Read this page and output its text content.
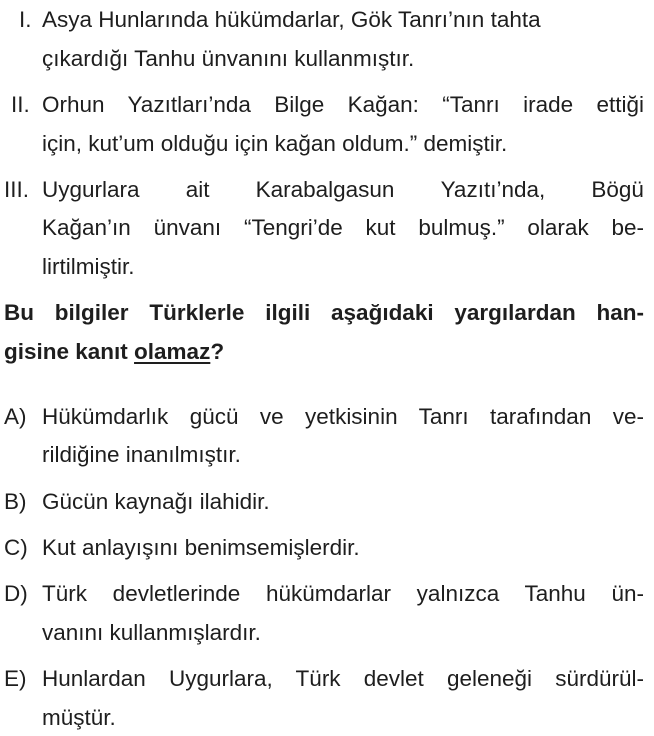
I. Asya Hunlarında hükümdarlar, Gök Tanrı’nın tahta
çıkardığı Tanhu ünvanını kullanmıştır.
II. Orhun Yazıtları’nda Bilge Kağan: “Tanrı irade ettiği
için, kut’um olduğu için kağan oldum.” demiştir.
III. Uygurlara ait Karabalgasun Yazıtı’nda, Bögü
Kağan’ın ünvanı “Tengri’de kut bulmuş.” olarak be-
lirtilmiştir.
Bu bilgiler Türklerle ilgili aşağıdaki yargılardan han-
gisine kanıt olamaz?
A) Hükümdarlık gücü ve yetkisinin Tanrı tarafından ve-
rildiğine inanılmıştır.
B) Gücün kaynağı ilahidir.
C) Kut anlayışını benimsemişlerdir.
D) Türk devletlerinde hükümdarlar yalnızca Tanhu ün-
vanını kullanmışlardır.
E) Hunlardan Uygurlara, Türk devlet geleneği sürdürül-
müştür.
